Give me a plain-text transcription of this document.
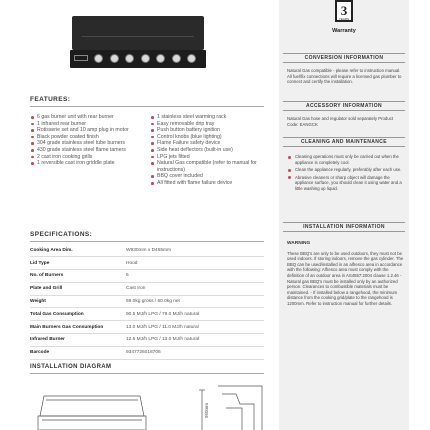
3
YEARS
Warranty
CONVERSION INFORMATION
Natural Gas compatible - please refer to instruction manual. All fuel/fix connections will require a licensed gas plumber to connect and certify the installation.
ACCESSORY INFORMATION
Natural Gas hose and regulator sold separately Product Code: EANGCK
CLEANING AND MAINTENANCE
Cleaning operations must only be carried out when the appliance is completely cool.
Clean the appliance regularly, preferably after each use.
Abrasive cleaners or sharp object will damage the appliance surface, you should clean it using water and a little washing up liquid.
INSTALLATION INFORMATION
WARNING
These BBQ's are only to be used outdoors, they must not be used indoors. If storing indoors, remove the gas cylinder. The BBQ can be used/installed in an alfresco area in accordance with the following: Alfresco area must comply with the definition of an outdoor area in AS4557:2004 clause 1.2.46 - Natural gas BBQ's must be installed only by an authorized person. Clearances to combustible materials must be maintained. - If installed below a rangehood, the minimum distance from the cooking grid/plate to the rangehood is 1200mm. Refer to instruction manual for further details.
FEATURES:
6 gas burner unit with rear burner
1 infrared rear burner
Rotisserie set and 10 amp plug in motor
Black powder coated finish
304 grade stainless steel tube burners
430 grade stainless steel flame tamers
2 cast iron cooking grills
1 reversible cast iron griddle plate
1 stainless steel warming rack
Easy removable drip tray
Push button battery ignition
Control knobs (blue lighting)
Flame Failure safety device
Side heat deflectors (built-in use)
LPG jets fitted
Natural Gas compatible (refer to manual for instructions)
BBQ cover included
All fitted with flame failure device
SPECIFICATIONS:
Cooking Area Dim.	W930mm x D455mm
Lid Type	Hood
No. of Burners	6
Plate and Grill	Cast Iron
Weight	69.0kg gross / 60.0kg net
Total Gas Consumption	90.5 MJ/h LPG / 79.0 MJ/h natural
Main Burners Gas Consumption	13.0 MJ/h LPG / 11.0 MJ/h natural
Infrared Burner	12.5 MJ/h LPG / 13.0 MJ/h natural
Barcode	9347726018706
INSTALLATION DIAGRAM
950mm
